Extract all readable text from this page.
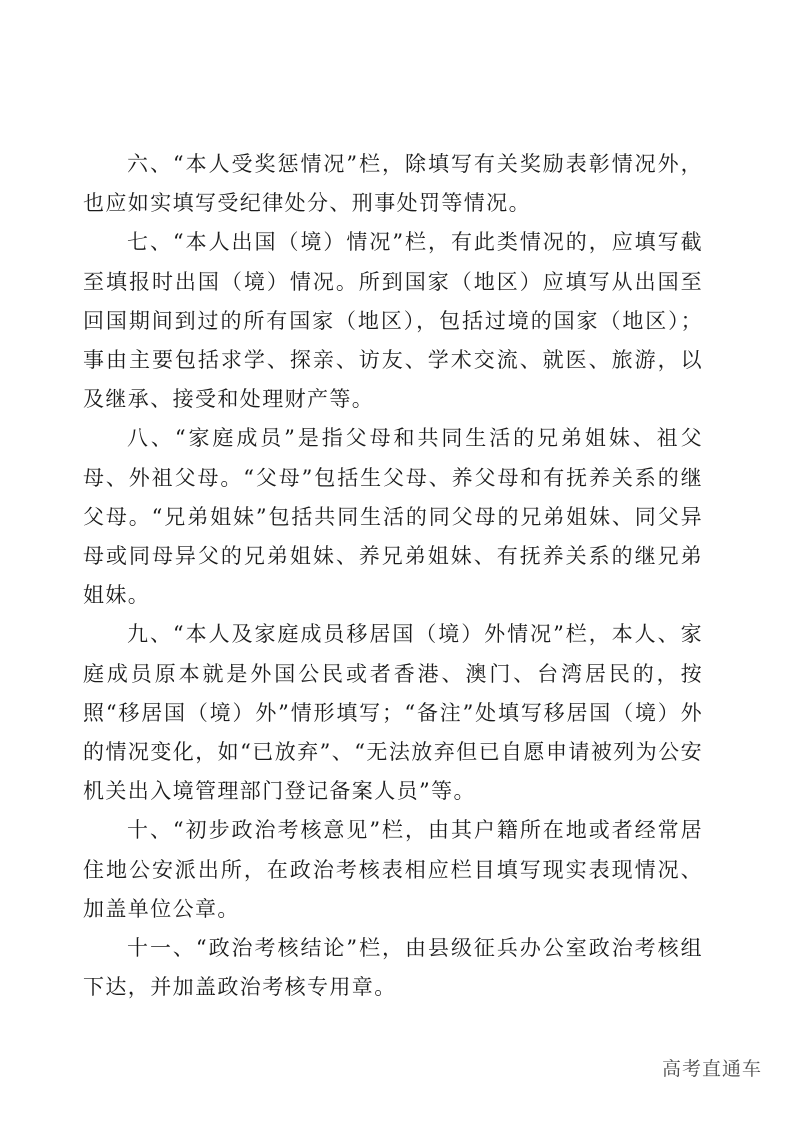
六、“本人受奖惩情况”栏，除填写有关奖励表彰情况外，也应如实填写受纪律处分、刑事处罚等情况。

七、“本人出国（境）情况”栏，有此类情况的，应填写截至填报时出国（境）情况。所到国家（地区）应填写从出国至回国期间到过的所有国家（地区），包括过境的国家（地区）；事由主要包括求学、探亲、访友、学术交流、就医、旅游，以及继承、接受和处理财产等。

八、“家庭成员”是指父母和共同生活的兄弟姐妹、祖父母、外祖父母。“父母”包括生父母、养父母和有抚养关系的继父母。“兄弟姐妹”包括共同生活的同父母的兄弟姐妹、同父异母或同母异父的兄弟姐妹、养兄弟姐妹、有抚养关系的继兄弟姐妹。

九、“本人及家庭成员移居国（境）外情况”栏，本人、家庭成员原本就是外国公民或者香港、澳门、台湾居民的，按照“移居国（境）外”情形填写；“备注”处填写移居国（境）外的情况变化，如“已放弃”、“无法放弃但已自愿申请被列为公安机关出入境管理部门登记备案人员”等。

十、“初步政治考核意见”栏，由其户籍所在地或者经常居住地公安派出所，在政治考核表相应栏目填写现实表现情况、加盖单位公章。

十一、“政治考核结论”栏，由县级征兵办公室政治考核组下达，并加盖政治考核专用章。

高考直通车
